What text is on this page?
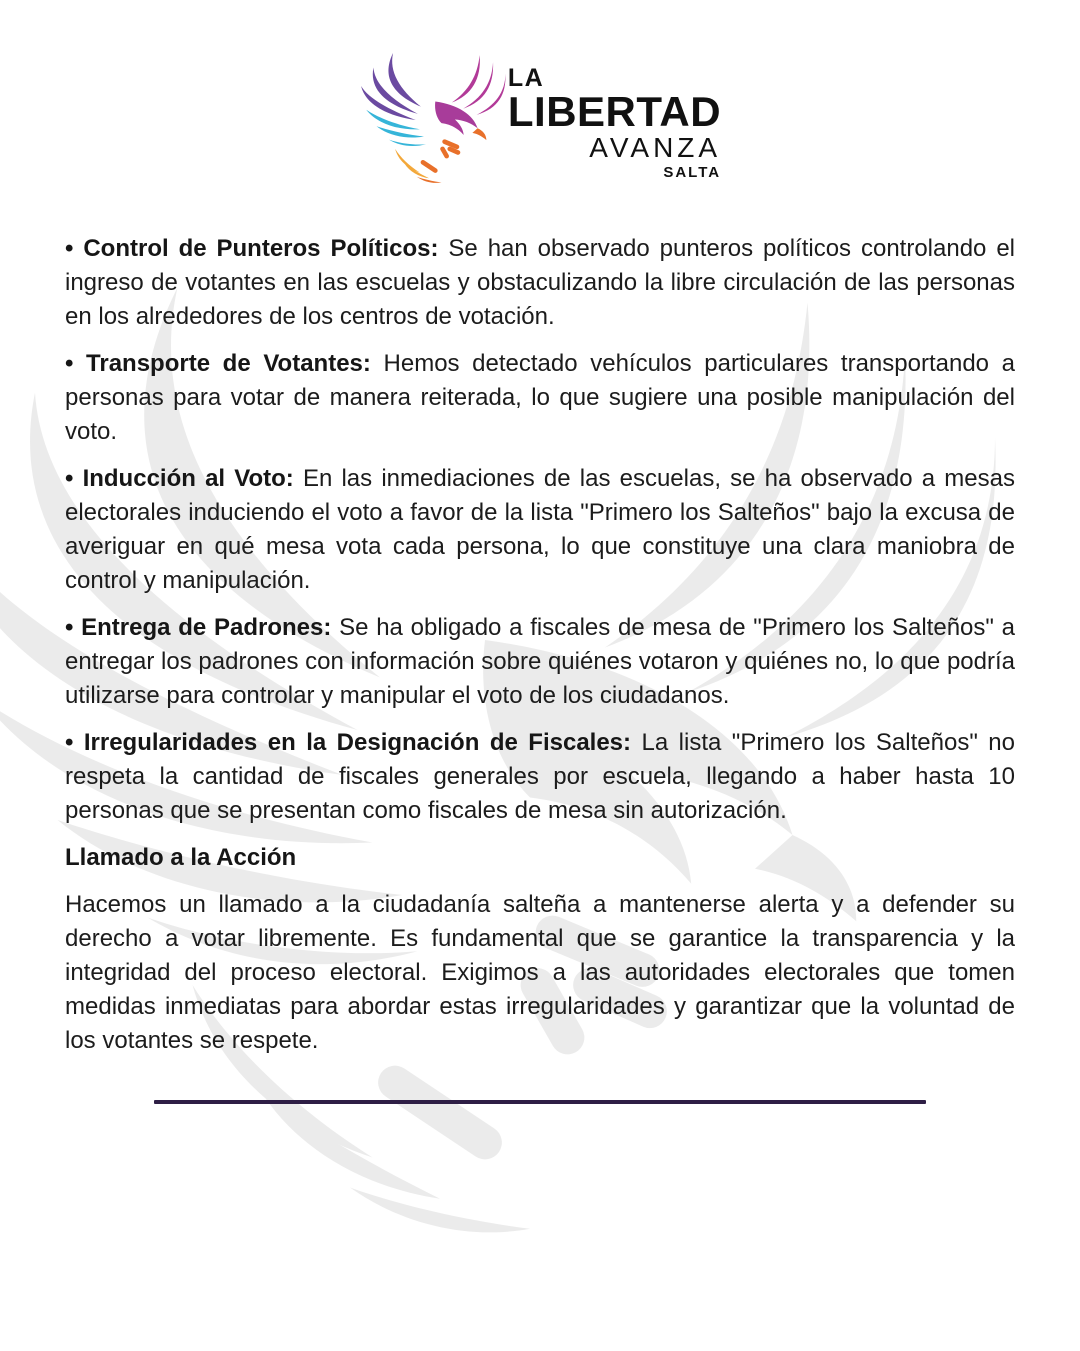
LA
LIBERTAD
AVANZA
SALTA

• Control de Punteros Políticos: Se han observado punteros políticos controlando el ingreso de votantes en las escuelas y obstaculizando la libre circulación de las personas en los alrededores de los centros de votación.

• Transporte de Votantes: Hemos detectado vehículos particulares transportando a personas para votar de manera reiterada, lo que sugiere una posible manipulación del voto.

• Inducción al Voto: En las inmediaciones de las escuelas, se ha observado a mesas electorales induciendo el voto a favor de la lista "Primero los Salteños" bajo la excusa de averiguar en qué mesa vota cada persona, lo que constituye una clara maniobra de control y manipulación.

• Entrega de Padrones: Se ha obligado a fiscales de mesa de "Primero los Salteños" a entregar los padrones con información sobre quiénes votaron y quiénes no, lo que podría utilizarse para controlar y manipular el voto de los ciudadanos.

• Irregularidades en la Designación de Fiscales: La lista "Primero los Salteños" no respeta la cantidad de fiscales generales por escuela, llegando a haber hasta 10 personas que se presentan como fiscales de mesa sin autorización.

Llamado a la Acción

Hacemos un llamado a la ciudadanía salteña a mantenerse alerta y a defender su derecho a votar libremente. Es fundamental que se garantice la transparencia y la integridad del proceso electoral. Exigimos a las autoridades electorales que tomen medidas inmediatas para abordar estas irregularidades y garantizar que la voluntad de los votantes se respete.
